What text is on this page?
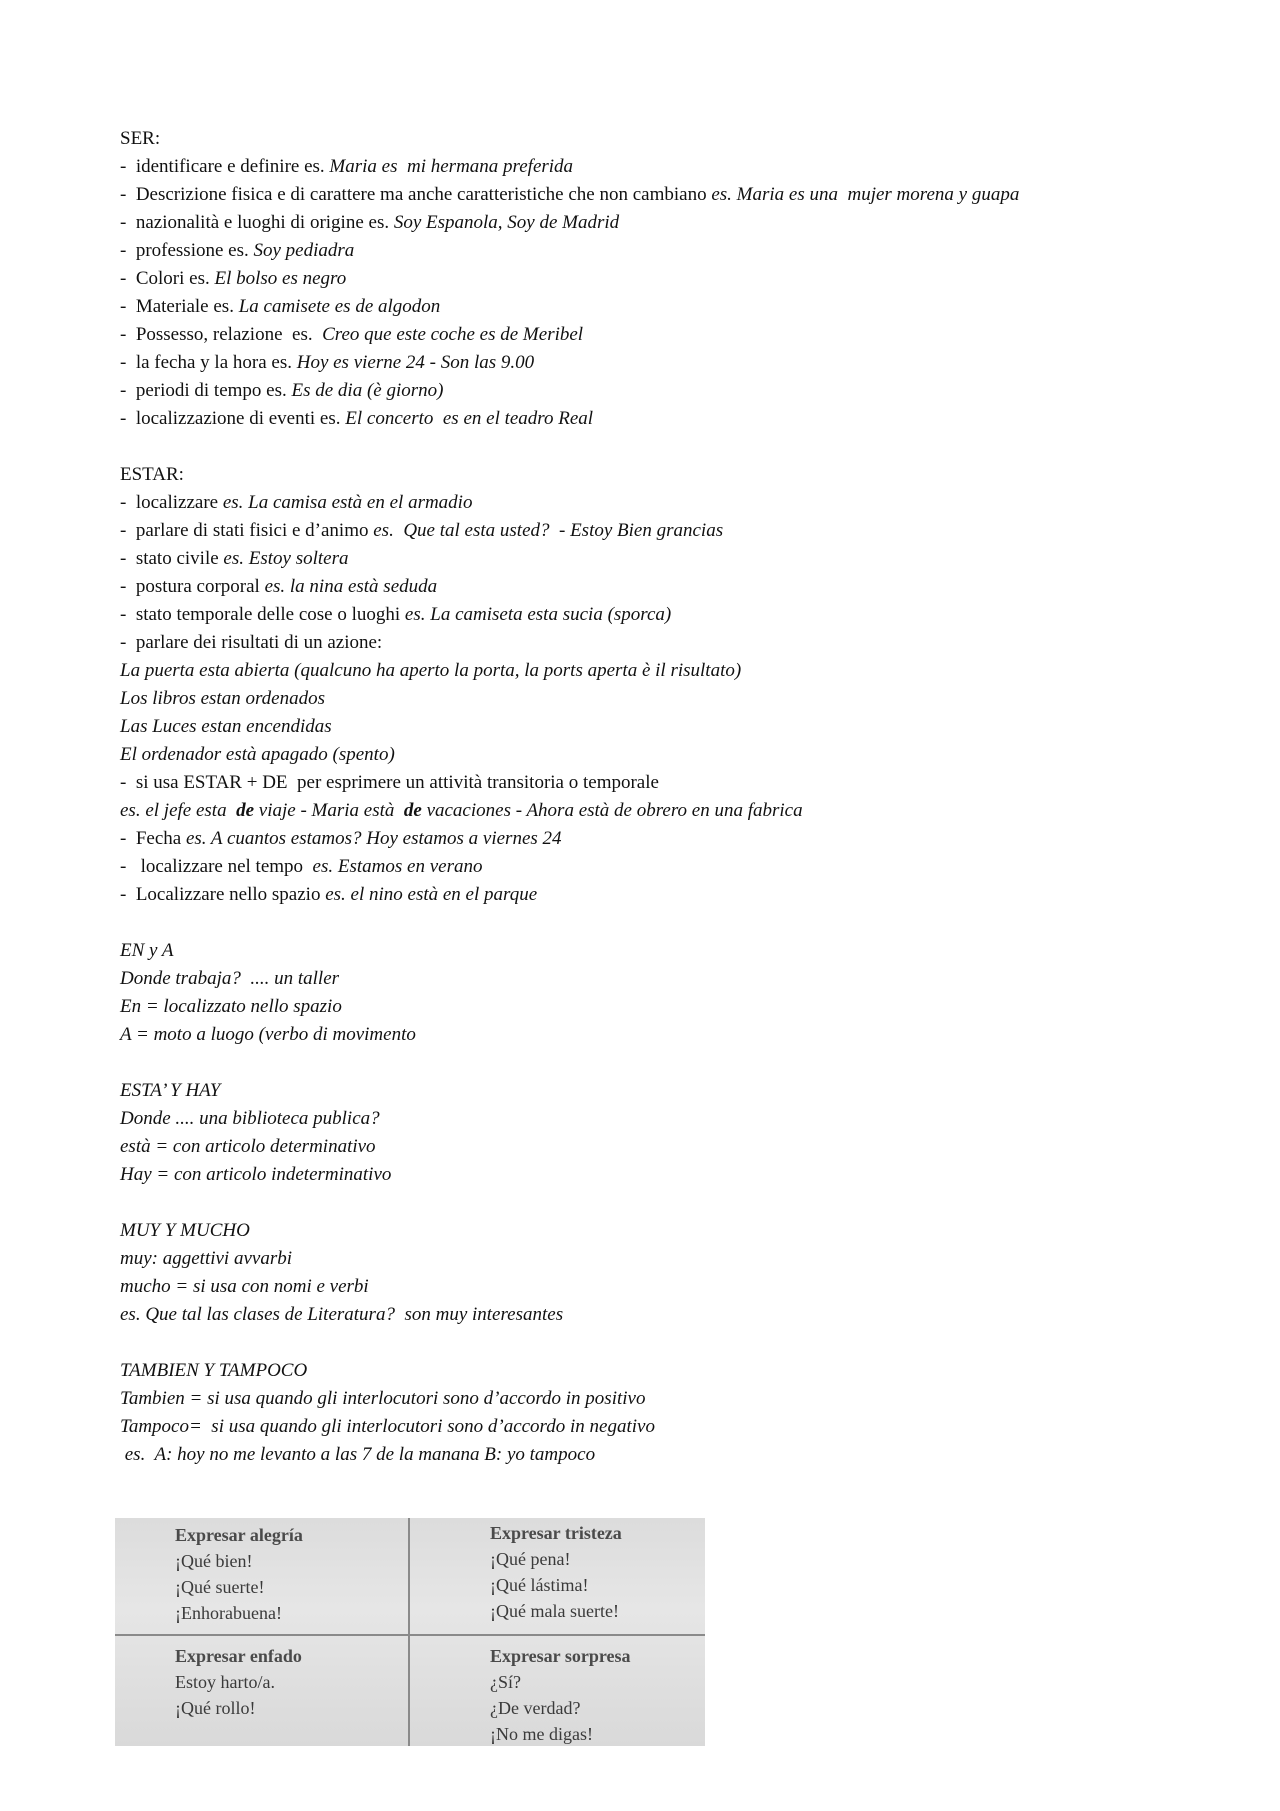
SER:
-  identificare e definire es. Maria es  mi hermana preferida
-  Descrizione fisica e di carattere ma anche caratteristiche che non cambiano es. Maria es una  mujer morena y guapa
-  nazionalità e luoghi di origine es. Soy Espanola, Soy de Madrid
-  professione es. Soy pediadra
-  Colori es. El bolso es negro
-  Materiale es. La camisete es de algodon
-  Possesso, relazione  es.  Creo que este coche es de Meribel
-  la fecha y la hora es. Hoy es vierne 24 - Son las 9.00
-  periodi di tempo es. Es de dia (è giorno)
-  localizzazione di eventi es. El concerto  es en el teadro Real
ESTAR:
-  localizzare es. La camisa està en el armadio
-  parlare di stati fisici e d’animo es.  Que tal esta usted?  - Estoy Bien grancias
-  stato civile es. Estoy soltera
-  postura corporal es. la nina està seduda
-  stato temporale delle cose o luoghi es. La camiseta esta sucia (sporca)
-  parlare dei risultati di un azione:
La puerta esta abierta (qualcuno ha aperto la porta, la ports aperta è il risultato)
Los libros estan ordenados
Las Luces estan encendidas
El ordenador està apagado (spento)
-  si usa ESTAR + DE  per esprimere un attività transitoria o temporale
es. el jefe esta  de viaje - Maria està  de vacaciones - Ahora està de obrero en una fabrica
-  Fecha es. A cuantos estamos? Hoy estamos a viernes 24
-   localizzare nel tempo  es. Estamos en verano
-  Localizzare nello spazio es. el nino està en el parque
EN y A
Donde trabaja?  .... un taller
En = localizzato nello spazio
A = moto a luogo (verbo di movimento
ESTA’ Y HAY
Donde .... una biblioteca publica?
està = con articolo determinativo
Hay = con articolo indeterminativo
MUY Y MUCHO
muy: aggettivi avvarbi
mucho = si usa con nomi e verbi
es. Que tal las clases de Literatura?  son muy interesantes
TAMBIEN Y TAMPOCO
Tambien = si usa quando gli interlocutori sono d’accordo in positivo
Tampoco=  si usa quando gli interlocutori sono d’accordo in negativo
es.  A: hoy no me levanto a las 7 de la manana B: yo tampoco
Expresar alegría
¡Qué bien!
¡Qué suerte!
¡Enhorabuena!
Expresar tristeza
¡Qué pena!
¡Qué lástima!
¡Qué mala suerte!
Expresar enfado
Estoy harto/a.
¡Qué rollo!
Expresar sorpresa
¿Sí?
¿De verdad?
¡No me digas!
